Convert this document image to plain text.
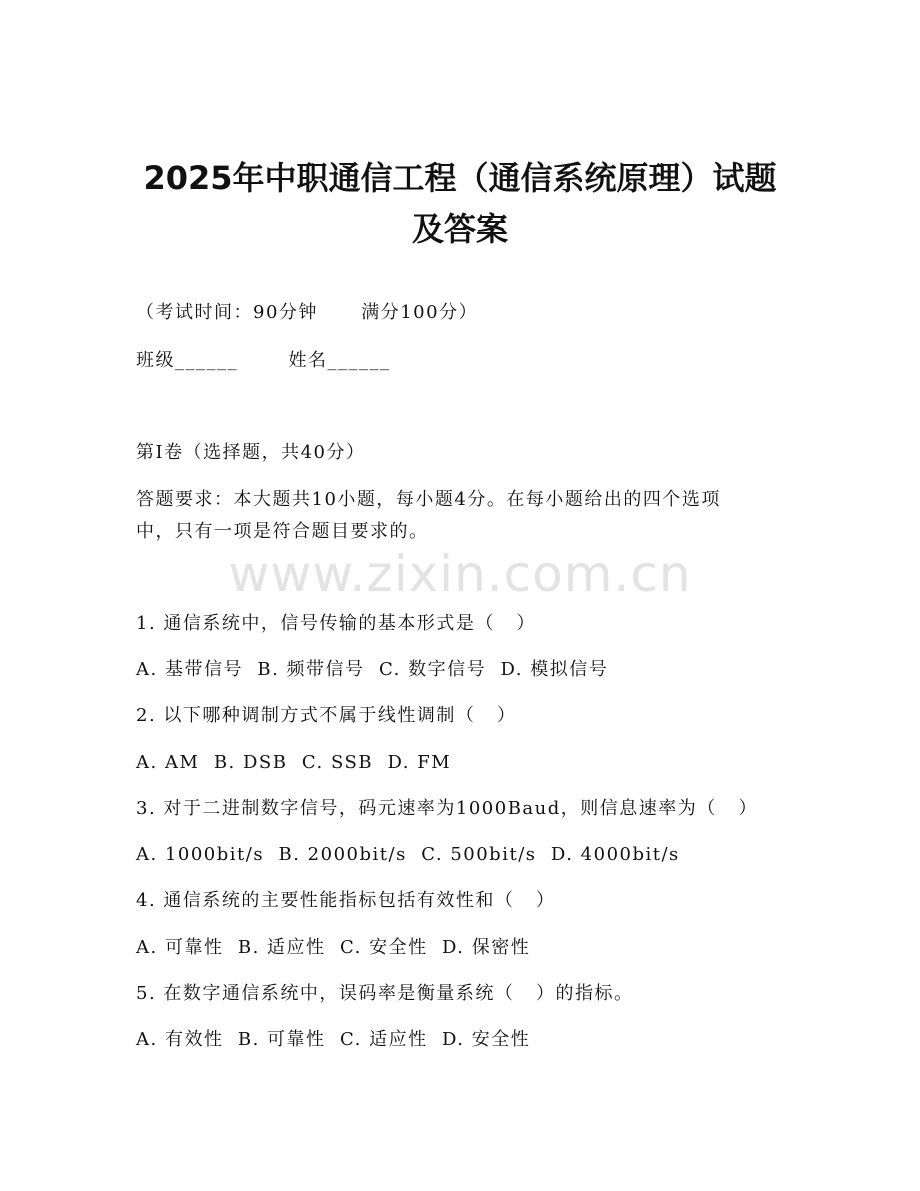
2025年中职通信工程（通信系统原理）试题
及答案
（考试时间：90分钟      满分100分）
班级______       姓名______
第I卷（选择题，共40分）
答题要求：本大题共10小题，每小题4分。在每小题给出的四个选项
中，只有一项是符合题目要求的。
www.zixin.com.cn
1. 通信系统中，信号传输的基本形式是（   ）
A. 基带信号  B. 频带信号  C. 数字信号  D. 模拟信号
2. 以下哪种调制方式不属于线性调制（   ）
A. AM  B. DSB  C. SSB  D. FM
3. 对于二进制数字信号，码元速率为1000Baud，则信息速率为（   ）
A. 1000bit/s  B. 2000bit/s  C. 500bit/s  D. 4000bit/s
4. 通信系统的主要性能指标包括有效性和（   ）
A. 可靠性  B. 适应性  C. 安全性  D. 保密性
5. 在数字通信系统中，误码率是衡量系统（   ）的指标。
A. 有效性  B. 可靠性  C. 适应性  D. 安全性
